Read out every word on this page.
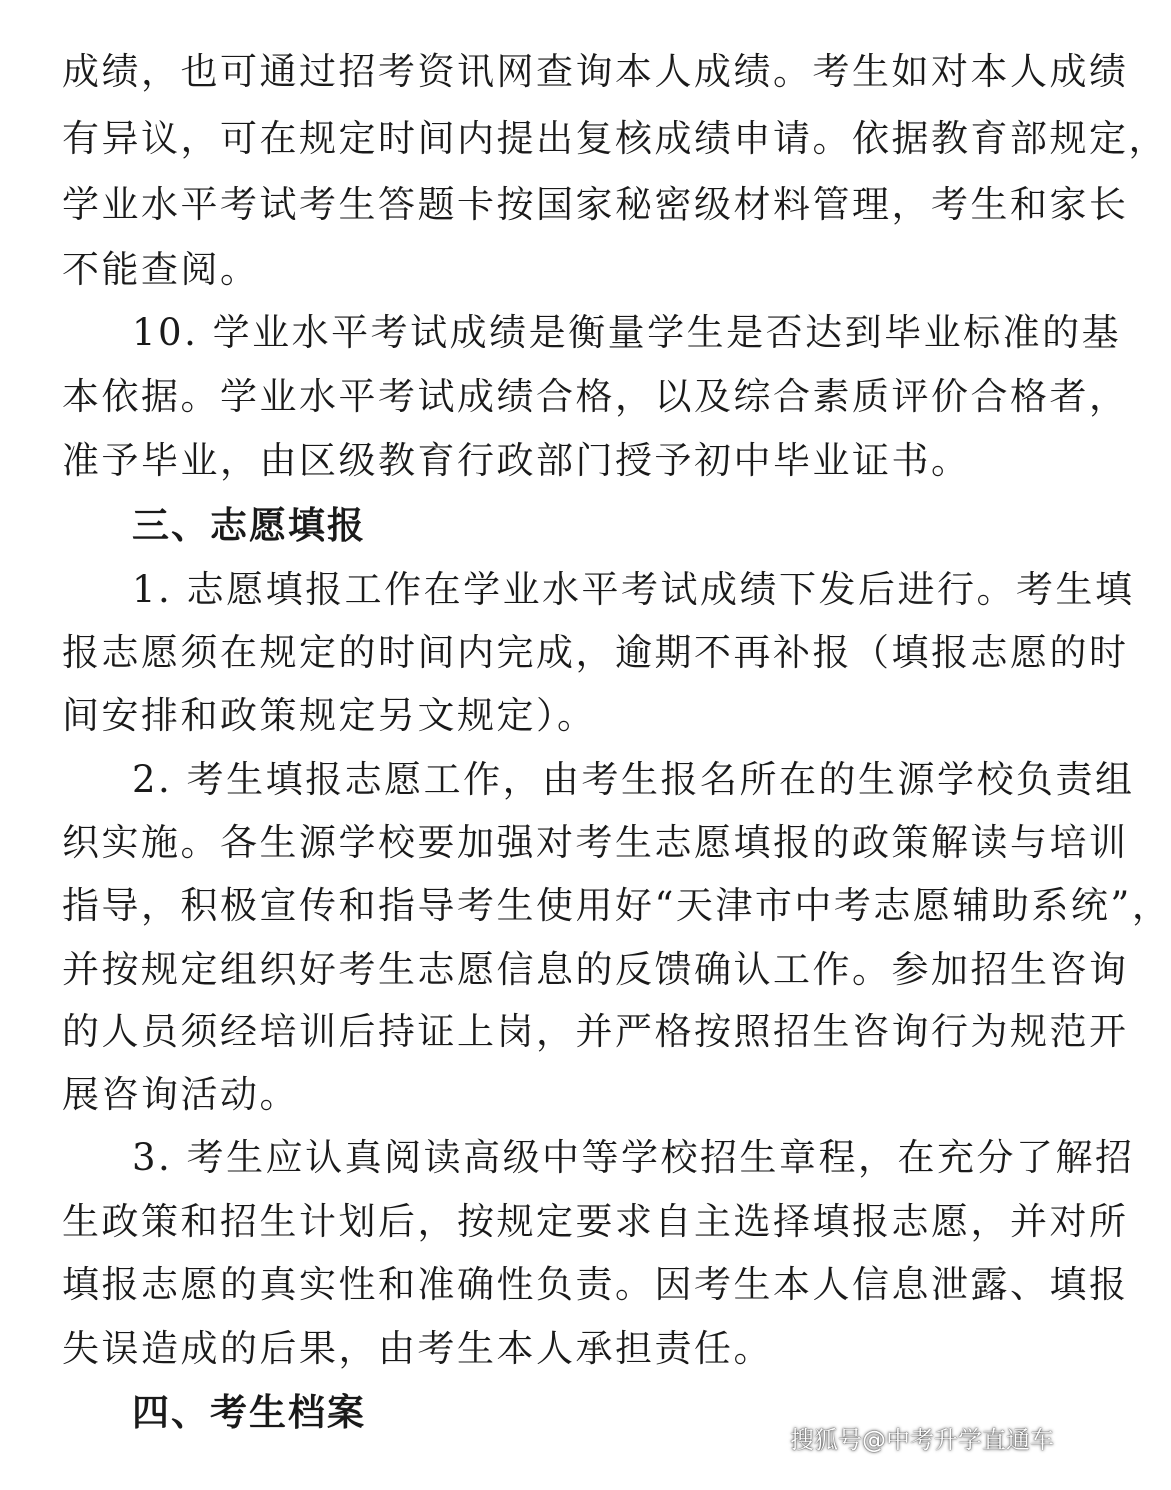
成绩，也可通过招考资讯网查询本人成绩。考生如对本人成绩
有异议，可在规定时间内提出复核成绩申请。依据教育部规定，
学业水平考试考生答题卡按国家秘密级材料管理，考生和家长
不能查阅。
10. 学业水平考试成绩是衡量学生是否达到毕业标准的基
本依据。学业水平考试成绩合格，以及综合素质评价合格者，
准予毕业，由区级教育行政部门授予初中毕业证书。
三、志愿填报
1. 志愿填报工作在学业水平考试成绩下发后进行。考生填
报志愿须在规定的时间内完成，逾期不再补报（填报志愿的时
间安排和政策规定另文规定）。
2. 考生填报志愿工作，由考生报名所在的生源学校负责组
织实施。各生源学校要加强对考生志愿填报的政策解读与培训
指导，积极宣传和指导考生使用好“天津市中考志愿辅助系统”，
并按规定组织好考生志愿信息的反馈确认工作。参加招生咨询
的人员须经培训后持证上岗，并严格按照招生咨询行为规范开
展咨询活动。
3. 考生应认真阅读高级中等学校招生章程，在充分了解招
生政策和招生计划后，按规定要求自主选择填报志愿，并对所
填报志愿的真实性和准确性负责。因考生本人信息泄露、填报
失误造成的后果，由考生本人承担责任。
四、考生档案
搜狐号@中考升学直通车
